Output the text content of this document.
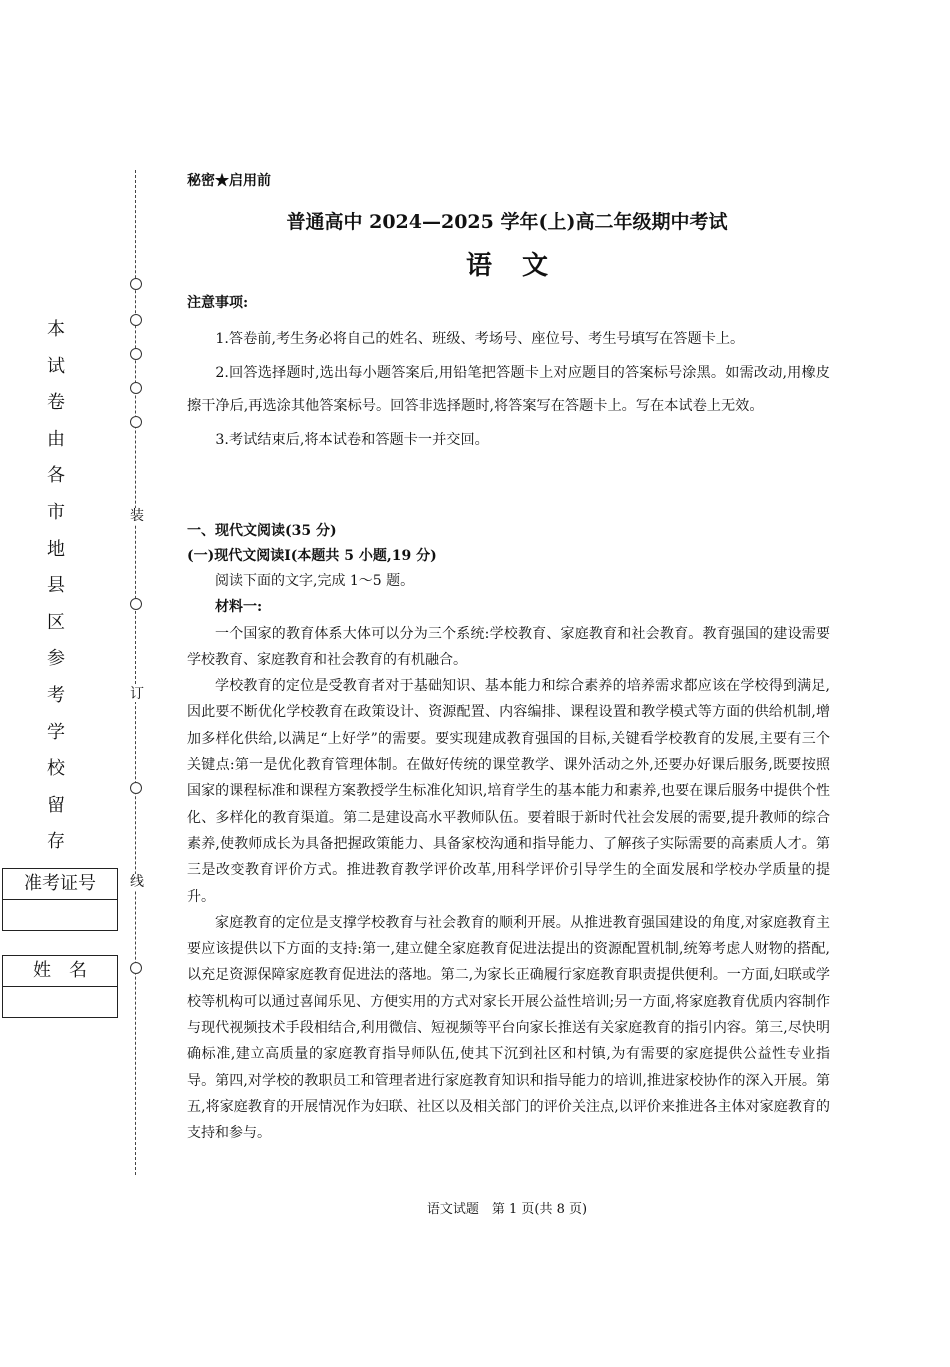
本
试
卷
由
各
市
地
县
区
参
考
学
校
留
存
准考证号
姓　名
装
订
线
秘密★启用前
普通高中 2024—2025 学年(上)高二年级期中考试
语文
注意事项:

1.答卷前,考生务必将自己的姓名、班级、考场号、座位号、考生号填写在答题卡上。

2.回答选择题时,选出每小题答案后,用铅笔把答题卡上对应题目的答案标号涂黑。如需改动,用橡皮擦干净后,再选涂其他答案标号。回答非选择题时,将答案写在答题卡上。写在本试卷上无效。

3.考试结束后,将本试卷和答题卡一并交回。

一、现代文阅读(35 分)
(一)现代文阅读Ⅰ(本题共 5 小题,19 分)

阅读下面的文字,完成 1～5 题。

材料一:

一个国家的教育体系大体可以分为三个系统:学校教育、家庭教育和社会教育。教育强国的建设需要学校教育、家庭教育和社会教育的有机融合。

学校教育的定位是受教育者对于基础知识、基本能力和综合素养的培养需求都应该在学校得到满足,因此要不断优化学校教育在政策设计、资源配置、内容编排、课程设置和教学模式等方面的供给机制,增加多样化供给,以满足“上好学”的需要。要实现建成教育强国的目标,关键看学校教育的发展,主要有三个关键点:第一是优化教育管理体制。在做好传统的课堂教学、课外活动之外,还要办好课后服务,既要按照国家的课程标准和课程方案教授学生标准化知识,培育学生的基本能力和素养,也要在课后服务中提供个性化、多样化的教育渠道。第二是建设高水平教师队伍。要着眼于新时代社会发展的需要,提升教师的综合素养,使教师成长为具备把握政策能力、具备家校沟通和指导能力、了解孩子实际需要的高素质人才。第三是改变教育评价方式。推进教育教学评价改革,用科学评价引导学生的全面发展和学校办学质量的提升。

家庭教育的定位是支撑学校教育与社会教育的顺利开展。从推进教育强国建设的角度,对家庭教育主要应该提供以下方面的支持:第一,建立健全家庭教育促进法提出的资源配置机制,统筹考虑人财物的搭配,以充足资源保障家庭教育促进法的落地。第二,为家长正确履行家庭教育职责提供便利。一方面,妇联或学校等机构可以通过喜闻乐见、方便实用的方式对家长开展公益性培训;另一方面,将家庭教育优质内容制作与现代视频技术手段相结合,利用微信、短视频等平台向家长推送有关家庭教育的指引内容。第三,尽快明确标准,建立高质量的家庭教育指导师队伍,使其下沉到社区和村镇,为有需要的家庭提供公益性专业指导。第四,对学校的教职员工和管理者进行家庭教育知识和指导能力的培训,推进家校协作的深入开展。第五,将家庭教育的开展情况作为妇联、社区以及相关部门的评价关注点,以评价来推进各主体对家庭教育的支持和参与。

语文试题　第 1 页(共 8 页)
